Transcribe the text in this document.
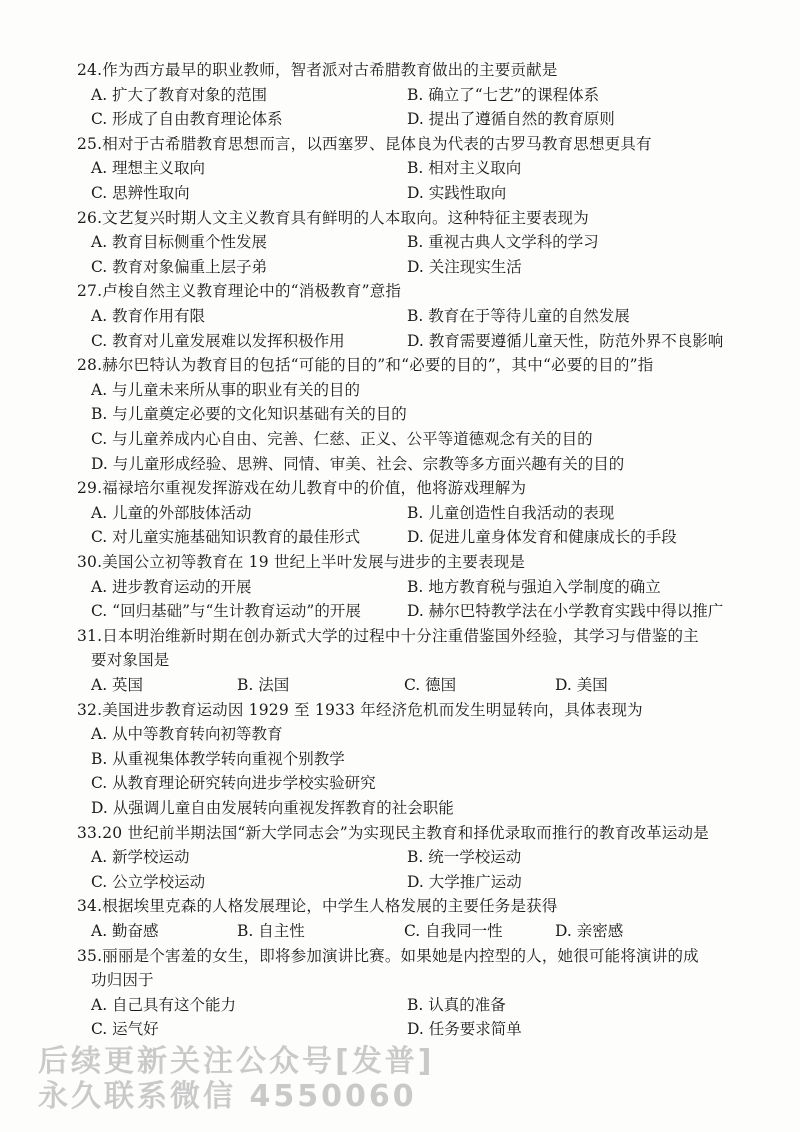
24.作为西方最早的职业教师，智者派对古希腊教育做出的主要贡献是
A. 扩大了教育对象的范围	B. 确立了“七艺”的课程体系
C. 形成了自由教育理论体系	D. 提出了遵循自然的教育原则
25.相对于古希腊教育思想而言，以西塞罗、昆体良为代表的古罗马教育思想更具有
A. 理想主义取向	B. 相对主义取向
C. 思辨性取向	D. 实践性取向
26.文艺复兴时期人文主义教育具有鲜明的人本取向。这种特征主要表现为
A. 教育目标侧重个性发展	B. 重视古典人文学科的学习
C. 教育对象偏重上层子弟	D. 关注现实生活
27.卢梭自然主义教育理论中的“消极教育”意指
A. 教育作用有限	B. 教育在于等待儿童的自然发展
C. 教育对儿童发展难以发挥积极作用	D. 教育需要遵循儿童天性，防范外界不良影响
28.赫尔巴特认为教育目的包括“可能的目的”和“必要的目的”，其中“必要的目的”指
A. 与儿童未来所从事的职业有关的目的
B. 与儿童奠定必要的文化知识基础有关的目的
C. 与儿童养成内心自由、完善、仁慈、正义、公平等道德观念有关的目的
D. 与儿童形成经验、思辨、同情、审美、社会、宗教等多方面兴趣有关的目的
29.福禄培尔重视发挥游戏在幼儿教育中的价值，他将游戏理解为
A. 儿童的外部肢体活动	B. 儿童创造性自我活动的表现
C. 对儿童实施基础知识教育的最佳形式	D. 促进儿童身体发育和健康成长的手段
30.美国公立初等教育在 19 世纪上半叶发展与进步的主要表现是
A. 进步教育运动的开展	B. 地方教育税与强迫入学制度的确立
C. “回归基础”与“生计教育运动”的开展	D. 赫尔巴特教学法在小学教育实践中得以推广
31.日本明治维新时期在创办新式大学的过程中十分注重借鉴国外经验，其学习与借鉴的主
要对象国是
A. 英国	B. 法国	C. 德国	D. 美国
32.美国进步教育运动因 1929 至 1933 年经济危机而发生明显转向，具体表现为
A. 从中等教育转向初等教育
B. 从重视集体教学转向重视个别教学
C. 从教育理论研究转向进步学校实验研究
D. 从强调儿童自由发展转向重视发挥教育的社会职能
33.20 世纪前半期法国“新大学同志会”为实现民主教育和择优录取而推行的教育改革运动是
A. 新学校运动	B. 统一学校运动
C. 公立学校运动	D. 大学推广运动
34.根据埃里克森的人格发展理论，中学生人格发展的主要任务是获得
A. 勤奋感	B. 自主性	C. 自我同一性	D. 亲密感
35.丽丽是个害羞的女生，即将参加演讲比赛。如果她是内控型的人，她很可能将演讲的成
功归因于
A. 自己具有这个能力	B. 认真的准备
C. 运气好	D. 任务要求简单
后续更新关注公众号[发普]
永久联系微信 4550060
